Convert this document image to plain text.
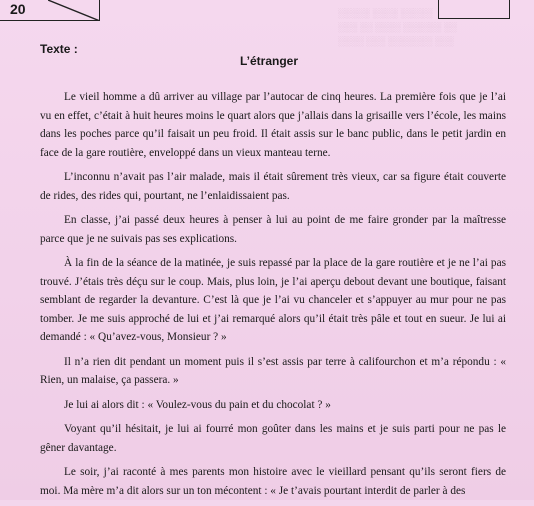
░░░░░ ░░░░ ░░░░░
░░░ ░░ ░░░░ ░░░░░░ ░░
░░░░ ░░░ ░░░░░░░ ░░░
20
Texte :
L’étranger

Le vieil homme a dû arriver au village par l’autocar de cinq heures. La première fois que je l’ai vu en effet, c’était à huit heures moins le quart alors que j’allais dans la grisaille vers l’école, les mains dans les poches parce qu’il faisait un peu froid. Il était assis sur le banc public, dans le petit jardin en face de la gare routière, enveloppé dans un vieux manteau terne.

L’inconnu n’avait pas l’air malade, mais il était sûrement très vieux, car sa figure était couverte de rides, des rides qui, pourtant, ne l’enlaidissaient pas.

En classe, j’ai passé deux heures à penser à lui au point de me faire gronder par la maîtresse parce que je ne suivais pas ses explications.

À la fin de la séance de la matinée, je suis repassé par la place de la gare routière et je ne l’ai pas trouvé. J’étais très déçu sur le coup. Mais, plus loin, je l’ai aperçu debout devant une boutique, faisant semblant de regarder la devanture. C’est là que je l’ai vu chanceler et s’appuyer au mur pour ne pas tomber. Je me suis approché de lui et j’ai remarqué alors qu’il était très pâle et tout en sueur. Je lui ai demandé : « Qu’avez-vous, Monsieur ? »

Il n’a rien dit pendant un moment puis il s’est assis par terre à califourchon et m’a répondu : « Rien, un malaise, ça passera. »

Je lui ai alors dit : « Voulez-vous du pain et du chocolat ? »

Voyant qu’il hésitait, je lui ai fourré mon goûter dans les mains et je suis parti pour ne pas le gêner davantage.

Le soir, j’ai raconté à mes parents mon histoire avec le vieillard pensant qu’ils seront fiers de moi. Ma mère m’a dit alors sur un ton mécontent : « Je t’avais pourtant interdit de parler à des
